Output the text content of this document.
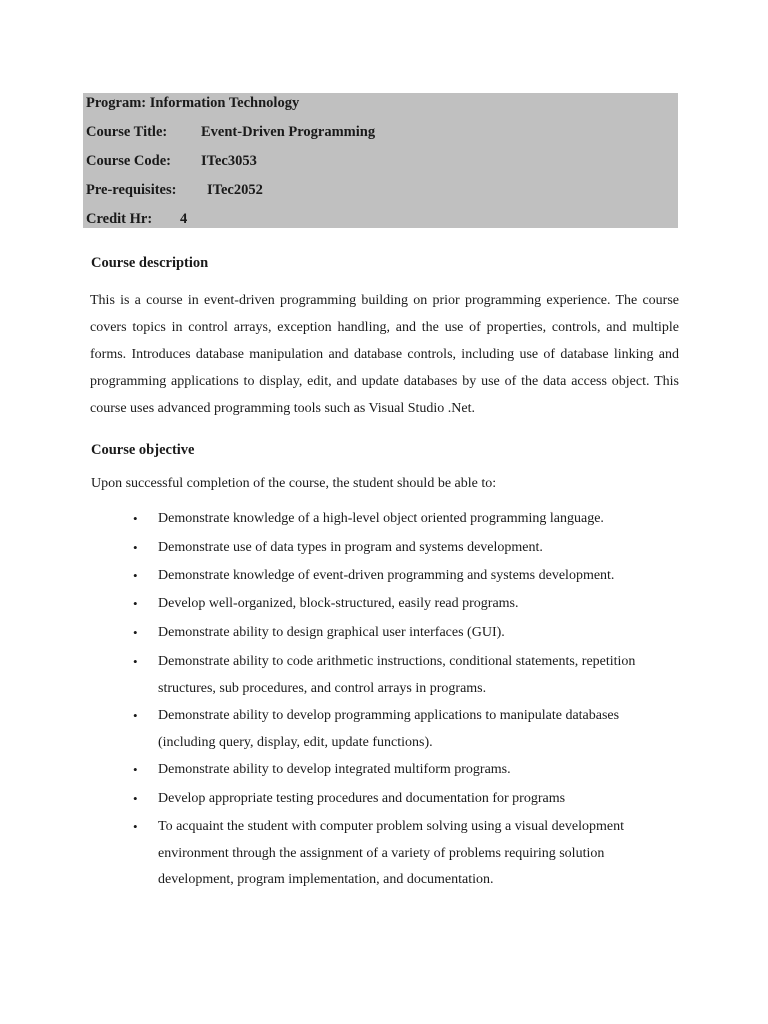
Program: Information Technology
Course Title: Event-Driven Programming
Course Code: ITec3053
Pre-requisites: ITec2052
Credit Hr: 4
Course description
This is a course in event-driven programming building on prior programming experience. The course covers topics in control arrays, exception handling, and the use of properties, controls, and multiple forms. Introduces database manipulation and database controls, including use of database linking and programming applications to display, edit, and update databases by use of the data access object. This course uses advanced programming tools such as Visual Studio .Net.
Course objective
Upon successful completion of the course, the student should be able to:
• Demonstrate knowledge of a high-level object oriented programming language.
• Demonstrate use of data types in program and systems development.
• Demonstrate knowledge of event-driven programming and systems development.
• Develop well-organized, block-structured, easily read programs.
• Demonstrate ability to design graphical user interfaces (GUI).
• Demonstrate ability to code arithmetic instructions, conditional statements, repetition structures, sub procedures, and control arrays in programs.
• Demonstrate ability to develop programming applications to manipulate databases (including query, display, edit, update functions).
• Demonstrate ability to develop integrated multiform programs.
• Develop appropriate testing procedures and documentation for programs
• To acquaint the student with computer problem solving using a visual development environment through the assignment of a variety of problems requiring solution development, program implementation, and documentation.
